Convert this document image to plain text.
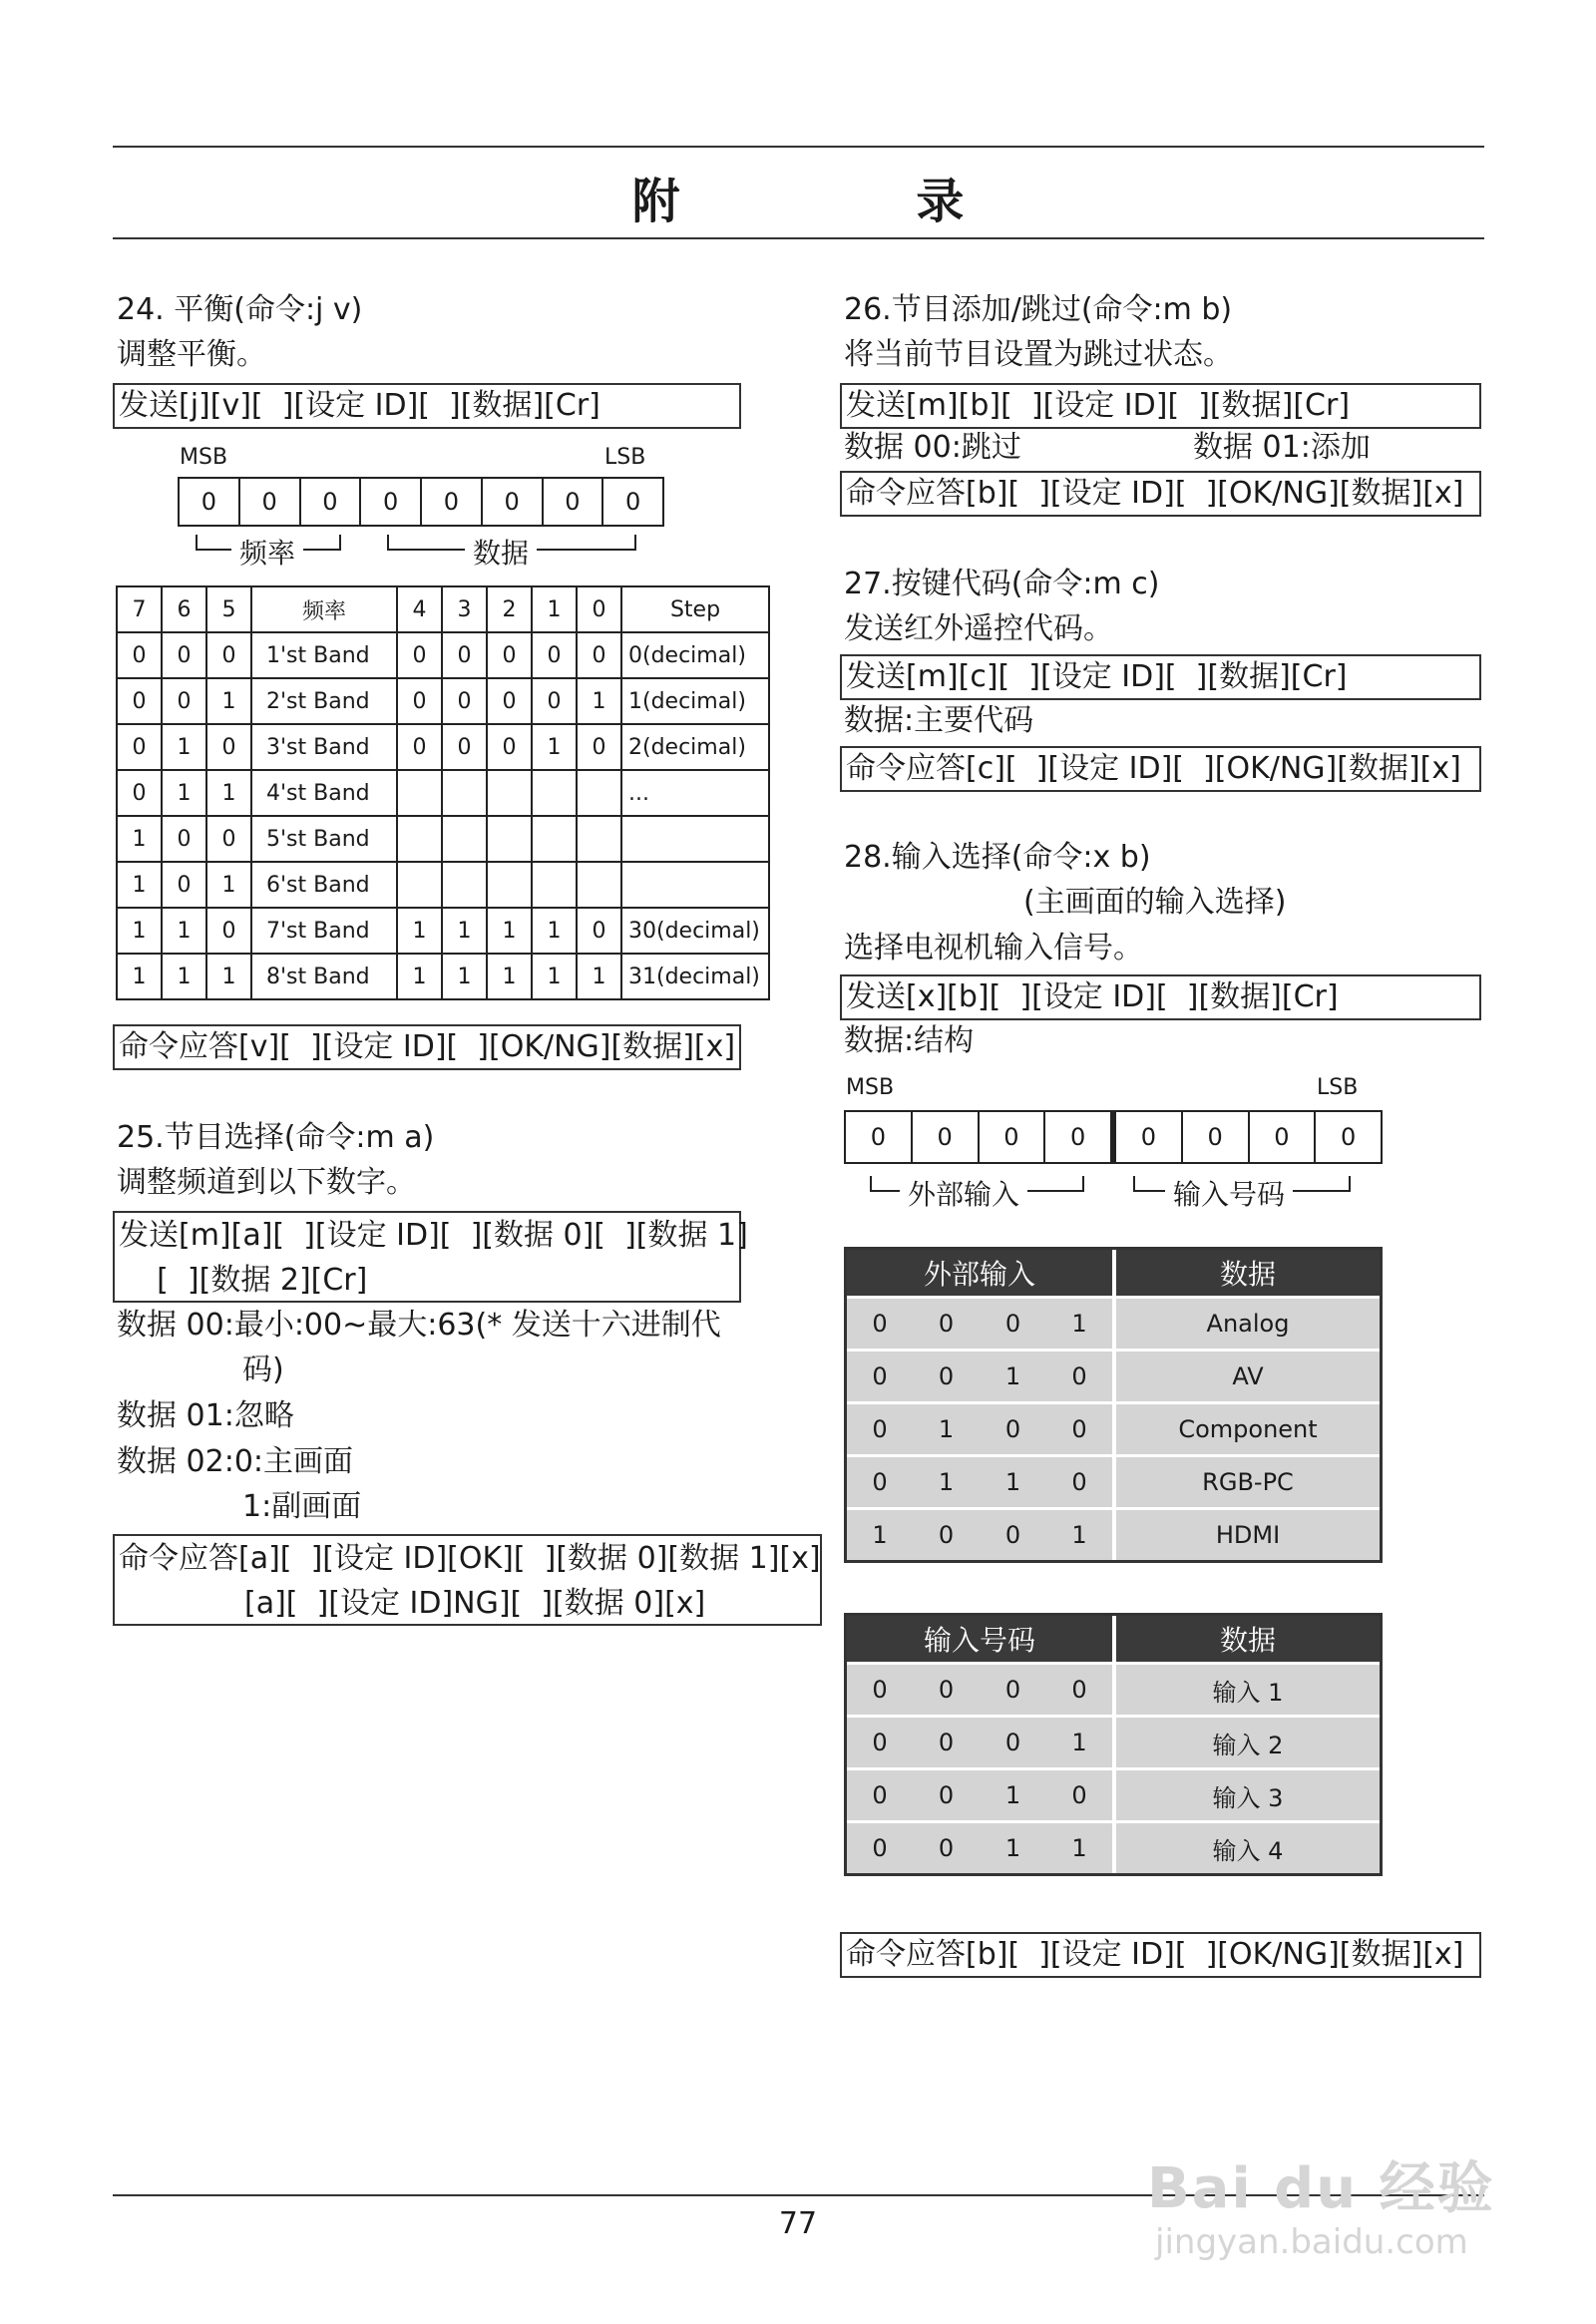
附 录
24. 平衡(命令:j v)
调整平衡。
发送[j][v][  ][设定 ID][  ][数据][Cr]
MSB	LSB
0	0	0	0	0	0	0	0
频率	数据
7	6	5	频率	4	3	2	1	0	Step
0	0	0	1'st Band	0	0	0	0	0	0(decimal)
0	0	1	2'st Band	0	0	0	0	1	1(decimal)
0	1	0	3'st Band	0	0	0	1	0	2(decimal)
0	1	1	4'st Band						...
1	0	0	5'st Band						
1	0	1	6'st Band						
1	1	0	7'st Band	1	1	1	1	0	30(decimal)
1	1	1	8'st Band	1	1	1	1	1	31(decimal)
命令应答[v][  ][设定 ID][  ][OK/NG][数据][x]
25.节目选择(命令:m a)
调整频道到以下数字。
发送[m][a][  ][设定 ID][  ][数据 0][  ][数据 1]
[  ][数据 2][Cr]
数据 00:最小:00~最大:63(* 发送十六进制代
码)
数据 01:忽略
数据 02:0:主画面
1:副画面
命令应答[a][  ][设定 ID][OK][  ][数据 0][数据 1][x]
[a][  ][设定 ID]NG][  ][数据 0][x]
26.节目添加/跳过(命令:m b)
将当前节目设置为跳过状态。
发送[m][b][  ][设定 ID][  ][数据][Cr]
数据 00:跳过	数据 01:添加
命令应答[b][  ][设定 ID][  ][OK/NG][数据][x]
27.按键代码(命令:m c)
发送红外遥控代码。
发送[m][c][  ][设定 ID][  ][数据][Cr]
数据:主要代码
命令应答[c][  ][设定 ID][  ][OK/NG][数据][x]
28.输入选择(命令:x b)
(主画面的输入选择)
选择电视机输入信号。
发送[x][b][  ][设定 ID][  ][数据][Cr]
数据:结构
MSB	LSB
0	0	0	0	0	0	0	0
外部输入	输入号码
外部输入				数据
0	0	0	1	Analog
0	0	1	0	AV
0	1	0	0	Component
0	1	1	0	RGB-PC
1	0	0	1	HDMI
输入号码				数据
0	0	0	0	输入 1
0	0	0	1	输入 2
0	0	1	0	输入 3
0	0	1	1	输入 4
命令应答[b][  ][设定 ID][  ][OK/NG][数据][x]
77
Bai du 经验
jingyan.baidu.com
